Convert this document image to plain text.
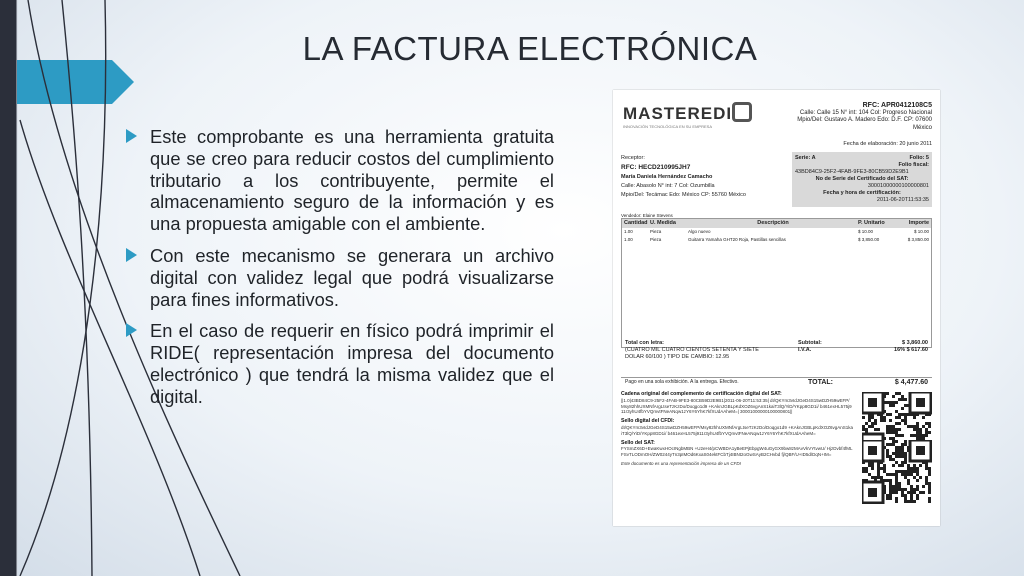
LA FACTURA ELECTRÓNICA
Este comprobante es una herramienta gratuita que se creo para reducir costos del cumplimiento tributario a los contribuyente, permite el almacenamiento seguro de la información y es una propuesta amigable con el ambiente.
Con este mecanismo se generara un archivo digital con validez legal que podrá visualizarse para fines informativos.
En el caso de requerir en físico podrá imprimir el RIDE( representación impresa del documento electrónico ) que tendrá la misma validez que el digital.
MASTEREDI
INNOVACIÓN TECNOLÓGICA EN SU EMPRESA
RFC: APR0412108C5
Calle: Calle 15 N° int: 104 Col: Progreso Nacional
Mpio/Del: Gustavo A. Madero Edo: D.F. CP: 07600
México
Fecha de elaboración: 20 junio 2011
Receptor:
RFC: HECD210995JH7
María Daniela Hernández Camacho
Calle: Abasolo N° int: 7 Col: Ozumbilla
Mpio/Del: Tecámac Edo: México CP: 55760 México
Serie: A	Folio: 5
Folio fiscal:
43BD84C9-25F2-4FAB-9FE3-80CB59D2E9B1
No de Serie del Certificado del SAT:
30001000000100000801
Fecha y hora de certificación:
2011-06-20T11:53:35
Vendedor: Elaine Stevens
Cantidad U. Medida	Descripción	P. Unitario	Importe
1.00	Pieza	Algo nuevo	$ 10.00	$ 10.00
1.00	Pieza	Guitarra Yamaha GHT20 Roja, Pastillas sencillas	$ 3,850.00	$ 3,850.00
Total con letra:
(CUATRO MIL CUATRO CIENTOS SETENTA Y SIETE
DOLAR 60/100 ) TIPO DE CAMBIO: 12.95
Subtotal:	$ 3,860.00
I.V.A.	16% $ 617.60
Pago en una sola exhibición. A la entrega. Efectivo.	TOTAL:	$ 4,477.60
Cadena original del complemento de certificación digital del SAT:

||1.0|43BD84C9-25F2-4FAB-9FE3-80CB59D2E9B1|2011-06-20T11:53:35| dI/QKYm3vIdJGeD4S15wDZH59wEFP/Msy82hhUXMNfArgLtseTzKzDo/Doqgo1d9 +KAknJGBLpKdXOZ6vgAnS1kaiT3lQ/YiD/YKpp8GD1i/ b461exHL575j911r3yhU4fbYVQmvtFNeANqw1zY6Y6YhK7kfXUdAAheM=| 30001000000100000801||

Sello digital del CFDI:

dI/QKYm3vIdJGeD4S15wDZH59wEFP/Msy82hhUXMNfArgLtseTzKzDo/Doqgo1d9 +KAknJGBLpKdXOZ6vgAnS1kaiT3lQ/YiD/YKpp8GD1i/ b461exHL575j911r3yhU4fbYVQmvtFNeANqw1zY6Y6YhK7kfXUdAAheM=

Sello del SAT:

FYSmZX6D+EwaKwxHOcINgbMBN +U2eH4/pCWBDA1yBeEPjEbpgW4uGyGX9bw8zMAvVkVYtvwU/ HjzDvbf4fMLFSvTLODmOH/ZW0244yTn3pIMOd6KxaS04ektFCbTj4IBNt2oGwSAyB2CHvbd fj/QBF/U+ID5d/DqN+IM=

Este documento es una representación impresa de un CFDI
